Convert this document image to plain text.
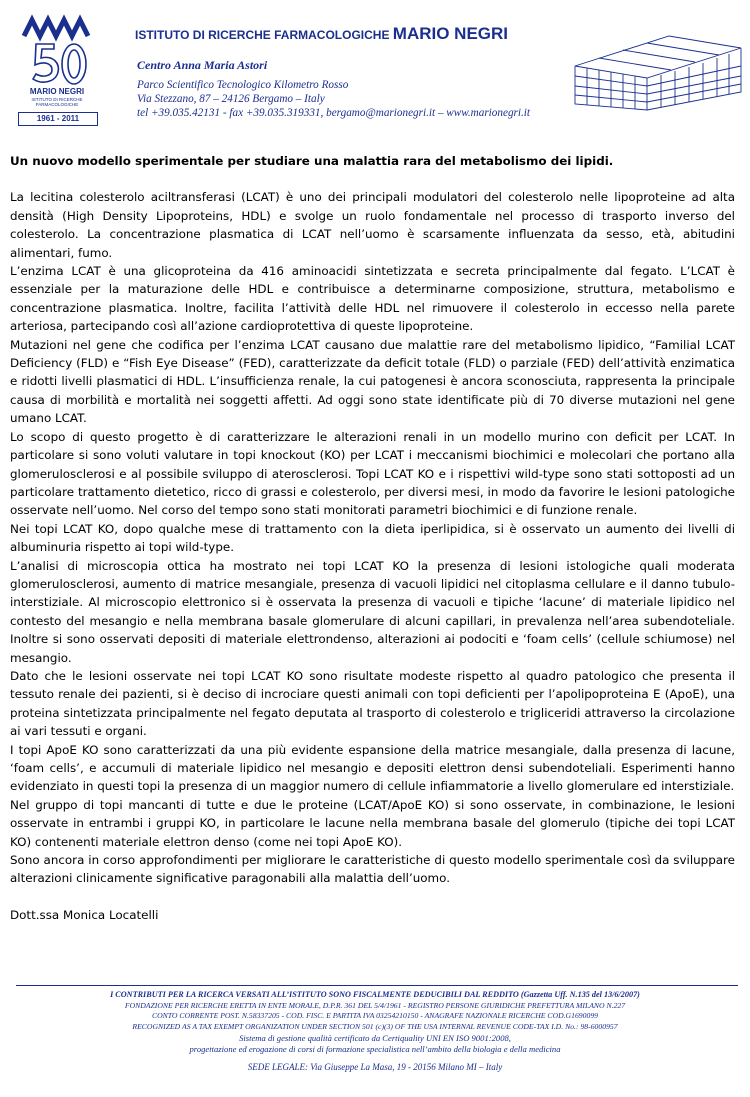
MARIO NEGRI
ISTITUTO DI RICERCHE FARMACOLOGICHE
1961 - 2011
ISTITUTO DI RICERCHE FARMACOLOGICHE MARIO NEGRI
Centro Anna Maria Astori
Parco Scientifico Tecnologico Kilometro Rosso
Via Stezzano, 87 – 24126 Bergamo – Italy
tel +39.035.42131 - fax +39.035.319331, bergamo@marionegri.it – www.marionegri.it
Un nuovo modello sperimentale per studiare una malattia rara del metabolismo dei lipidi.

La lecitina colesterolo aciltransferasi (LCAT) è uno dei principali modulatori del colesterolo nelle lipoproteine ad alta densità (High Density Lipoproteins, HDL) e svolge un ruolo fondamentale nel processo di trasporto inverso del colesterolo. La concentrazione plasmatica di LCAT nell’uomo è scarsamente influenzata da sesso, età, abitudini alimentari, fumo.

L’enzima LCAT è una glicoproteina da 416 aminoacidi sintetizzata e secreta principalmente dal fegato. L’LCAT è essenziale per la maturazione delle HDL e contribuisce a determinarne composizione, struttura, metabolismo e concentrazione plasmatica. Inoltre, facilita l’attività delle HDL nel rimuovere il colesterolo in eccesso nella parete arteriosa, partecipando così all’azione cardioprotettiva di queste lipoproteine.

Mutazioni nel gene che codifica per l’enzima LCAT causano due malattie rare del metabolismo lipidico, “Familial LCAT Deficiency (FLD) e “Fish Eye Disease” (FED), caratterizzate da deficit totale (FLD) o parziale (FED) dell’attività enzimatica e ridotti livelli plasmatici di HDL. L’insufficienza renale, la cui patogenesi è ancora sconosciuta, rappresenta la principale causa di morbilità e mortalità nei soggetti affetti. Ad oggi sono state identificate più di 70 diverse mutazioni nel gene umano LCAT.

Lo scopo di questo progetto è di caratterizzare le alterazioni renali in un modello murino con deficit per LCAT. In particolare si sono voluti valutare in topi knockout (KO) per LCAT i meccanismi biochimici e molecolari che portano alla glomerulosclerosi e al possibile sviluppo di aterosclerosi. Topi LCAT KO e i rispettivi wild-type sono stati sottoposti ad un particolare trattamento dietetico, ricco di grassi e colesterolo, per diversi mesi, in modo da favorire le lesioni patologiche osservate nell’uomo. Nel corso del tempo sono stati monitorati parametri biochimici e di funzione renale.

Nei topi LCAT KO, dopo qualche mese di trattamento con la dieta iperlipidica, si è osservato un aumento dei livelli di albuminuria rispetto ai topi wild-type.

L’analisi di microscopia ottica ha mostrato nei topi LCAT KO la presenza di lesioni istologiche quali moderata glomerulosclerosi, aumento di matrice mesangiale, presenza di vacuoli lipidici nel citoplasma cellulare e il danno tubulo-interstiziale. Al microscopio elettronico si è osservata la presenza di vacuoli e tipiche ‘lacune’ di materiale lipidico nel contesto del mesangio e nella membrana basale glomerulare di alcuni capillari, in prevalenza nell’area subendoteliale. Inoltre si sono osservati depositi di materiale elettrondenso, alterazioni ai podociti e ‘foam cells’ (cellule schiumose) nel mesangio.

Dato che le lesioni osservate nei topi LCAT KO sono risultate modeste rispetto al quadro patologico che presenta il tessuto renale dei pazienti, si è deciso di incrociare questi animali con topi deficienti per l’apolipoproteina E (ApoE), una proteina sintetizzata principalmente nel fegato deputata al trasporto di colesterolo e trigliceridi attraverso la circolazione ai vari tessuti e organi.

I topi ApoE KO sono caratterizzati da una più evidente espansione della matrice mesangiale, dalla presenza di lacune, ‘foam cells’, e accumuli di materiale lipidico nel mesangio e depositi elettron densi subendoteliali. Esperimenti hanno evidenziato in questi topi la presenza di un maggior numero di cellule infiammatorie a livello glomerulare ed interstiziale.

Nel gruppo di topi mancanti di tutte e due le proteine (LCAT/ApoE KO) si sono osservate, in combinazione, le lesioni osservate in entrambi i gruppi KO, in particolare le lacune nella membrana basale del glomerulo (tipiche dei topi LCAT KO) contenenti materiale elettron denso (come nei topi ApoE KO).

Sono ancora in corso approfondimenti per migliorare le caratteristiche di questo modello sperimentale così da sviluppare alterazioni clinicamente significative paragonabili alla malattia dell’uomo.

Dott.ssa Monica Locatelli

I CONTRIBUTI PER LA RICERCA VERSATI ALL’ISTITUTO SONO FISCALMENTE DEDUCIBILI DAL REDDITO (Gazzetta Uff. N.135 del 13/6/2007)
FONDAZIONE PER RICERCHE ERETTA IN ENTE MORALE, D.P.R. 361 DEL 5/4/1961 - REGISTRO PERSONE GIURIDICHE PREFETTURA MILANO N.227
CONTO CORRENTE POST. N.58337205 - COD. FISC. E PARTITA IVA 03254210150 - ANAGRAFE NAZIONALE RICERCHE COD.G1690099
RECOGNIZED AS A TAX EXEMPT ORGANIZATION UNDER SECTION 501 (c)(3) OF THE USA INTERNAL REVENUE CODE-TAX I.D. No.: 98-6000957
Sistema di gestione qualità certificato da Certiquality UNI EN ISO 9001:2008,
progettazione ed erogazione di corsi di formazione specialistica nell’ambito della biologia e della medicina
SEDE LEGALE: Via Giuseppe La Masa, 19 - 20156 Milano MI – Italy
